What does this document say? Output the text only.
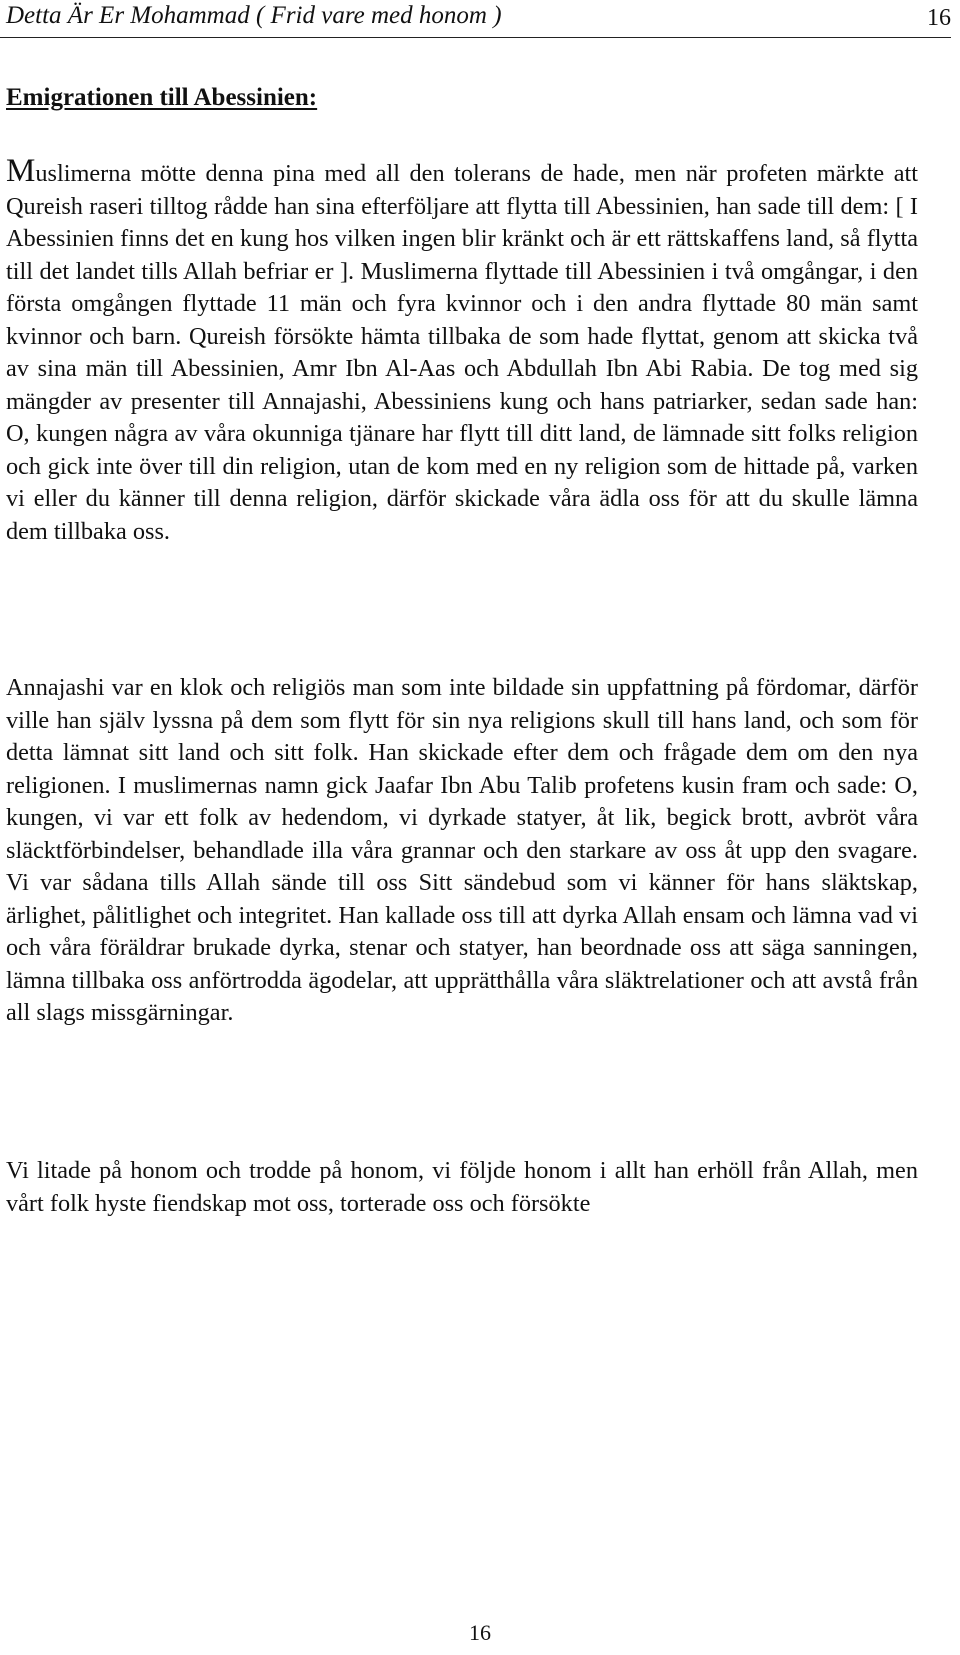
Detta Är Er Mohammad ( Frid vare med honom )	16
Emigrationen till Abessinien:

Muslimerna mötte denna pina med all den tolerans de hade, men när profeten märkte att Qureish raseri tilltog rådde han sina efterföljare att flytta till Abessinien, han sade till dem: [ I Abessinien finns det en kung hos vilken ingen blir kränkt och är ett rättskaffens land, så flytta till det landet tills Allah befriar er ]. Muslimerna flyttade till Abessinien i två omgångar, i den första omgången flyttade 11 män och fyra kvinnor och i den andra flyttade 80 män samt kvinnor och barn. Qureish försökte hämta tillbaka de som hade flyttat, genom att skicka två av sina män till Abessinien, Amr Ibn Al-Aas och Abdullah Ibn Abi Rabia. De tog med sig mängder av presenter till Annajashi, Abessiniens kung och hans patriarker, sedan sade han: O, kungen några av våra okunniga tjänare har flytt till ditt land, de lämnade sitt folks religion och gick inte över till din religion, utan de kom med en ny religion som de hittade på, varken vi eller du känner till denna religion, därför skickade våra ädla oss för att du skulle lämna dem tillbaka oss.

Annajashi var en klok och religiös man som inte bildade sin uppfattning på fördomar, därför ville han själv lyssna på dem som flytt för sin nya religions skull till hans land, och som för detta lämnat sitt land och sitt folk. Han skickade efter dem och frågade dem om den nya religionen. I muslimernas namn gick Jaafar Ibn Abu Talib profetens kusin fram och sade: O, kungen, vi var ett folk av hedendom, vi dyrkade statyer, åt lik, begick brott, avbröt våra släcktförbindelser, behandlade illa våra grannar och den starkare av oss åt upp den svagare. Vi var sådana tills Allah sände till oss Sitt sändebud som vi känner för hans släktskap, ärlighet, pålitlighet och integritet. Han kallade oss till att dyrka Allah ensam och lämna vad vi och våra föräldrar brukade dyrka, stenar och statyer, han beordnade oss att säga sanningen, lämna tillbaka oss anförtrodda ägodelar, att upprätthålla våra släktrelationer och att avstå från all slags missgärningar.

Vi litade på honom och trodde på honom, vi följde honom i allt han erhöll från Allah, men vårt folk hyste fiendskap mot oss, torterade oss och försökte

16
